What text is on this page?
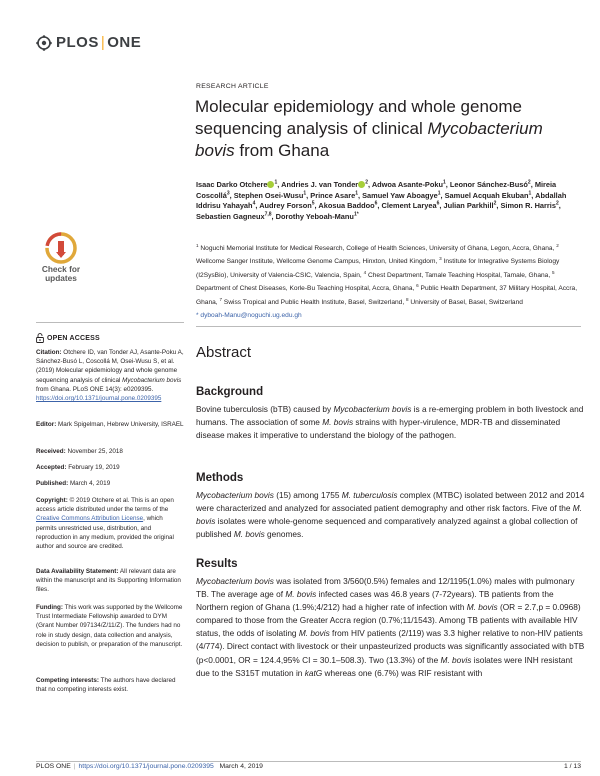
PLOS | ONE
RESEARCH ARTICLE
Molecular epidemiology and whole genome sequencing analysis of clinical Mycobacterium bovis from Ghana
Isaac Darko Otchere $^1$, Andries J. van Tonder $^2$, Adwoa Asante-Poku$^1$, Leonor Sánchez-Busó$^2$, Mireia Coscollá$^3$, Stephen Osei-Wusu$^1$, Prince Asare$^1$, Samuel Yaw Aboagye$^1$, Samuel Acquah Ekuban$^1$, Abdallah Iddrisu Yahayah$^4$, Audrey Forson$^5$, Akosua Baddoo$^6$, Clement Laryea$^6$, Julian Parkhill$^2$, Simon R. Harris$^2$, Sebastien Gagneux$^{7,8}$, Dorothy Yeboah-Manu$^{1*}$
$^1$ Noguchi Memorial Institute for Medical Research, College of Health Sciences, University of Ghana, Legon, Accra, Ghana, $^2$ Wellcome Sanger Institute, Wellcome Genome Campus, Hinxton, United Kingdom, $^3$ Institute for Integrative Systems Biology (I2SysBio), University of Valencia-CSIC, Valencia, Spain, $^4$ Chest Department, Tamale Teaching Hospital, Tamale, Ghana, $^5$ Department of Chest Diseases, Korle-Bu Teaching Hospital, Accra, Ghana, $^6$ Public Health Department, 37 Military Hospital, Accra, Ghana, $^7$ Swiss Tropical and Public Health Institute, Basel, Switzerland, $^8$ University of Basel, Basel, Switzerland
* dyboah-Manu@noguchi.ug.edu.gh
Check for
updates
OPEN ACCESS
Citation: Otchere ID, van Tonder AJ, Asante-Poku A, Sánchez-Busó L, Coscollá M, Osei-Wusu S, et al. (2019) Molecular epidemiology and whole genome sequencing analysis of clinical Mycobacterium bovis from Ghana. PLoS ONE 14(3): e0209395. https://doi.org/10.1371/journal.pone.0209395
Editor: Mark Spigelman, Hebrew University, ISRAEL
Received: November 25, 2018
Accepted: February 19, 2019
Published: March 4, 2019
Copyright: © 2019 Otchere et al. This is an open access article distributed under the terms of the Creative Commons Attribution License, which permits unrestricted use, distribution, and reproduction in any medium, provided the original author and source are credited.
Data Availability Statement: All relevant data are within the manuscript and its Supporting Information files.
Funding: This work was supported by the Wellcome Trust Intermediate Fellowship awarded to DYM (Grant Number 097134/Z/11/Z). The funders had no role in study design, data collection and analysis, decision to publish, or preparation of the manuscript.
Competing interests: The authors have declared that no competing interests exist.
Abstract
Background
Bovine tuberculosis (bTB) caused by Mycobacterium bovis is a re-emerging problem in both livestock and humans. The association of some M. bovis strains with hyper-virulence, MDR-TB and disseminated disease makes it imperative to understand the biology of the pathogen.
Methods
Mycobacterium bovis (15) among 1755 M. tuberculosis complex (MTBC) isolated between 2012 and 2014 were characterized and analyzed for associated patient demography and other risk factors. Five of the M. bovis isolates were whole-genome sequenced and comparatively analyzed against a global collection of published M. bovis genomes.
Results
Mycobacterium bovis was isolated from 3/560(0.5%) females and 12/1195(1.0%) males with pulmonary TB. The average age of M. bovis infected cases was 46.8 years (7-72years). TB patients from the Northern region of Ghana (1.9%;4/212) had a higher rate of infection with M. bovis (OR = 2.7,p = 0.0968) compared to those from the Greater Accra region (0.7%;11/1543). Among TB patients with available HIV status, the odds of isolating M. bovis from HIV patients (2/119) was 3.3 higher relative to non-HIV patients (4/774). Direct contact with livestock or their unpasteurized products was significantly associated with bTB (p<0.0001, OR = 124.4,95% CI = 30.1–508.3). Two (13.3%) of the M. bovis isolates were INH resistant due to the S315T mutation in katG whereas one (6.7%) was RIF resistant with
PLOS ONE | https://doi.org/10.1371/journal.pone.0209395 March 4, 2019	1 / 13
